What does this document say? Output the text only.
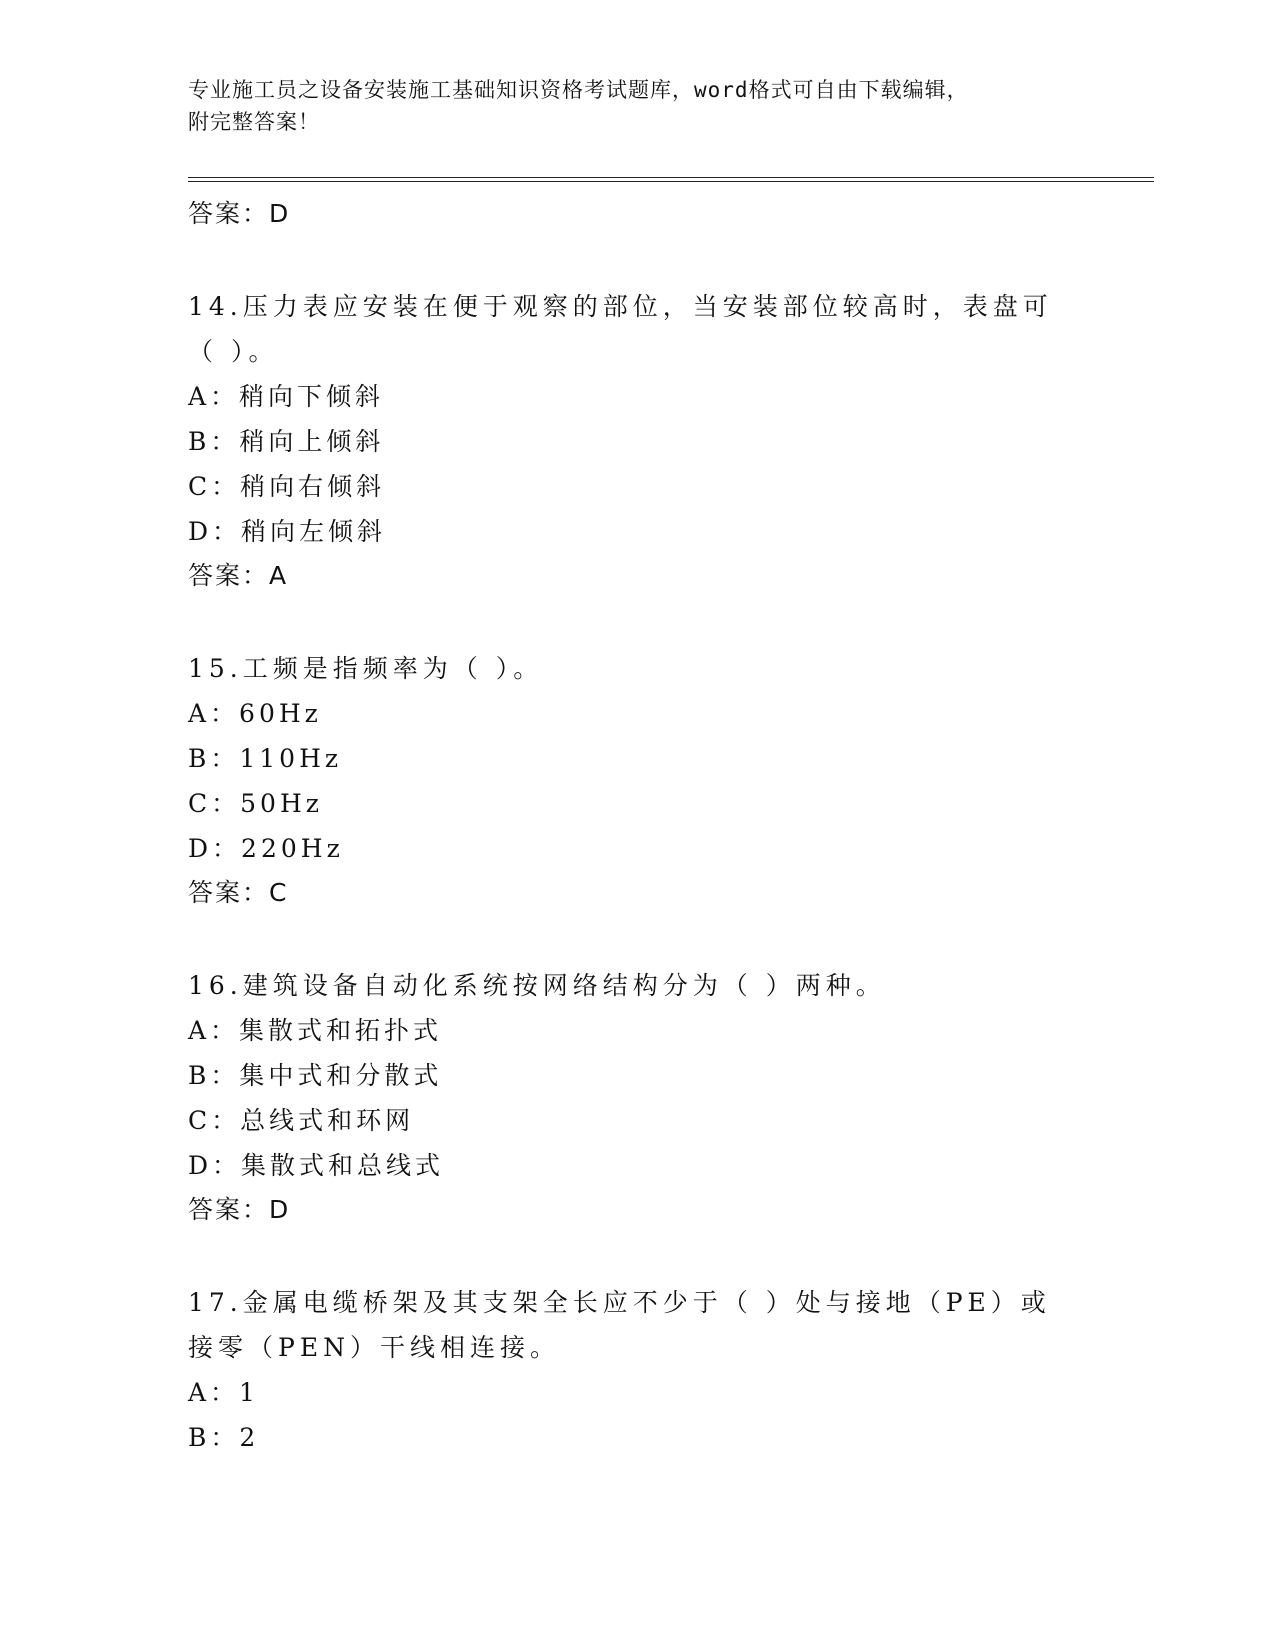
专业施工员之设备安装施工基础知识资格考试题库，word格式可自由下载编辑，
附完整答案！
答案：D
14.压力表应安装在便于观察的部位，当安装部位较高时，表盘可（ ）。
A：稍向下倾斜
B：稍向上倾斜
C：稍向右倾斜
D：稍向左倾斜
答案：A
15.工频是指频率为（ ）。
A：60Hz
B：110Hz
C：50Hz
D：220Hz
答案：C
16.建筑设备自动化系统按网络结构分为（ ）两种。
A：集散式和拓扑式
B：集中式和分散式
C：总线式和环网
D：集散式和总线式
答案：D
17.金属电缆桥架及其支架全长应不少于（ ）处与接地（PE）或接零（PEN）干线相连接。
A：1
B：2
